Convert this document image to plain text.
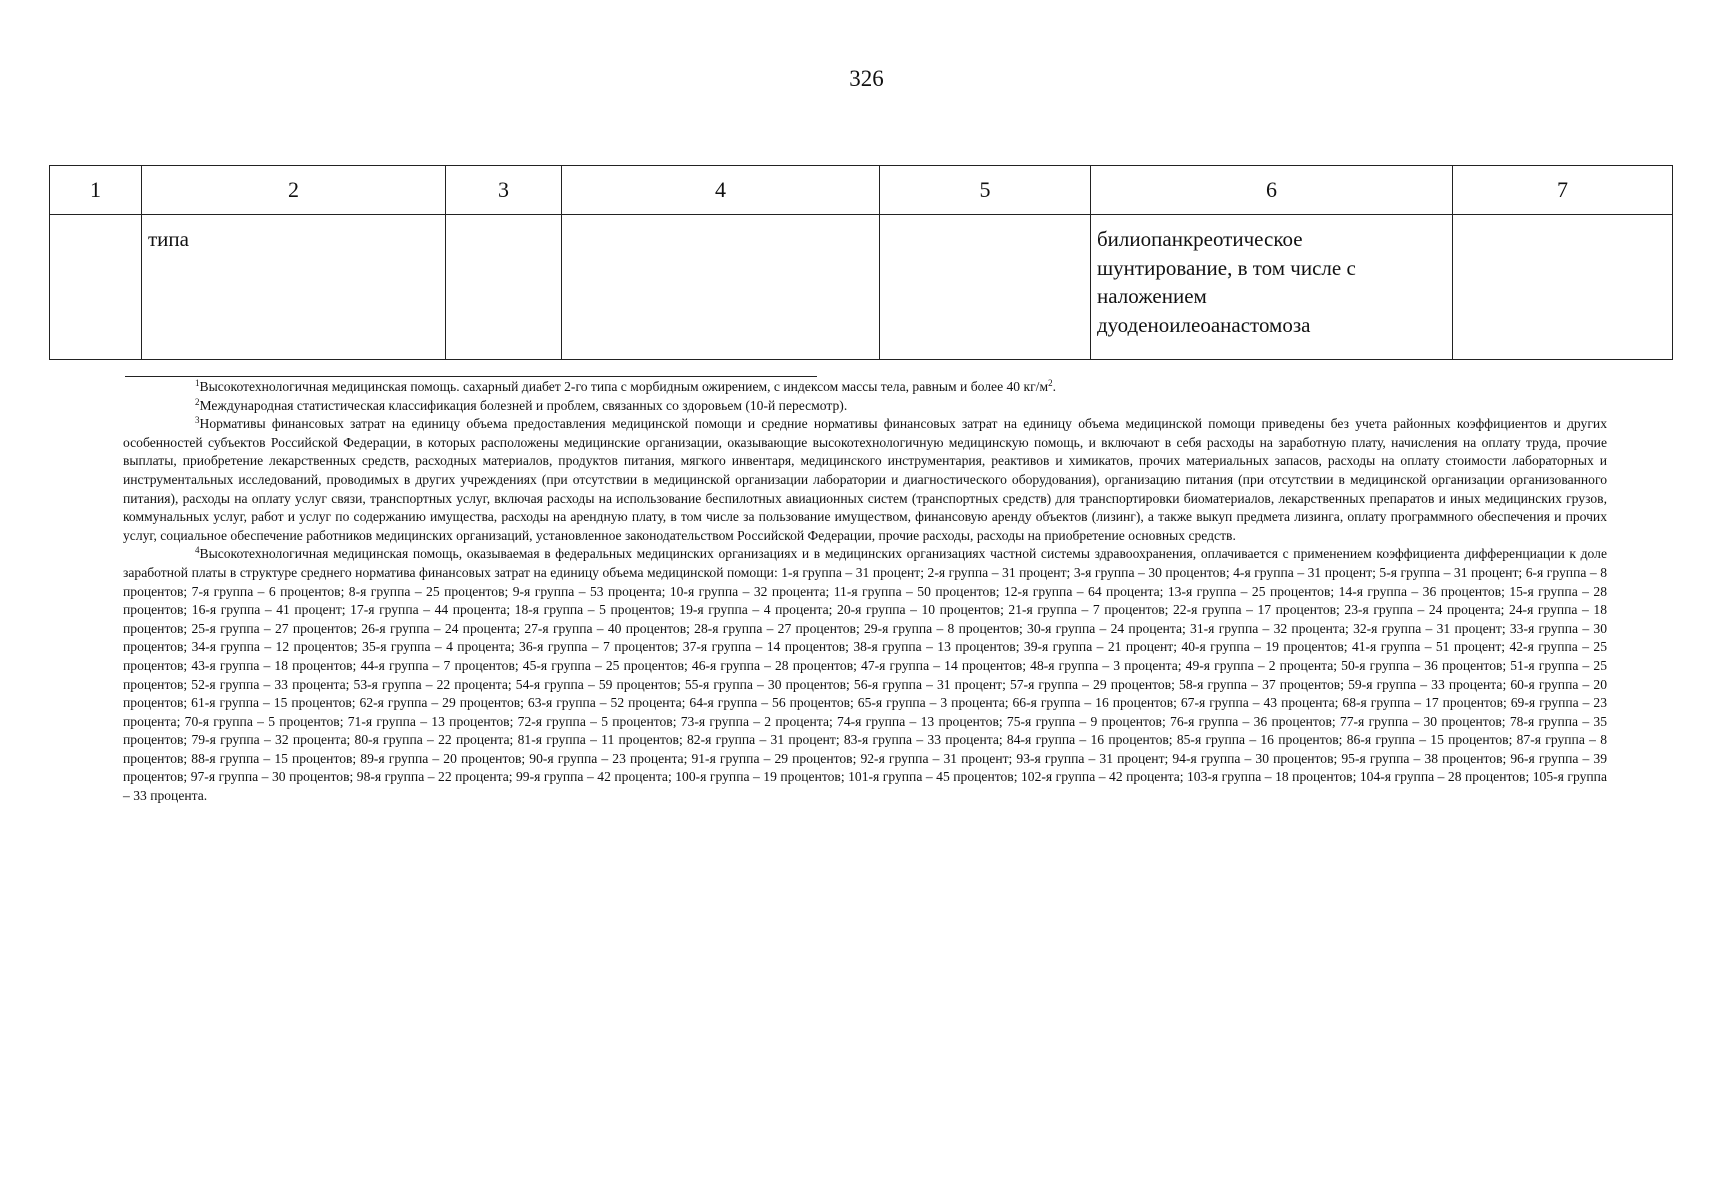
326
1	2	3	4	5	6	7
	типа				билиопанкреотическое
шунтирование, в том числе с
наложением
дуоденоилеоанастомоза	

$^1$Высокотехнологичная медицинская помощь. сахарный диабет 2-го типа с морбидным ожирением, с индексом массы тела, равным и более 40 $кг/м^2$.

$^2$Международная статистическая классификация болезней и проблем, связанных со здоровьем (10-й пересмотр).

$^3$Нормативы финансовых затрат на единицу объема предоставления медицинской помощи и средние нормативы финансовых затрат на единицу объема медицинской помощи приведены без учета районных коэффициентов и других особенностей субъектов Российской Федерации, в которых расположены медицинские организации, оказывающие высокотехнологичную медицинскую помощь, и включают в себя расходы на заработную плату, начисления на оплату труда, прочие выплаты, приобретение лекарственных средств, расходных материалов, продуктов питания, мягкого инвентаря, медицинского инструментария, реактивов и химикатов, прочих материальных запасов, расходы на оплату стоимости лабораторных и инструментальных исследований, проводимых в других учреждениях (при отсутствии в медицинской организации лаборатории и диагностического оборудования), организацию питания (при отсутствии в медицинской организации организованного питания), расходы на оплату услуг связи, транспортных услуг, включая расходы на использование беспилотных авиационных систем (транспортных средств) для транспортировки биоматериалов, лекарственных препаратов и иных медицинских грузов, коммунальных услуг, работ и услуг по содержанию имущества, расходы на арендную плату, в том числе за пользование имуществом, финансовую аренду объектов (лизинг), а также выкуп предмета лизинга, оплату программного обеспечения и прочих услуг, социальное обеспечение работников медицинских организаций, установленное законодательством Российской Федерации, прочие расходы, расходы на приобретение основных средств.

$^4$Высокотехнологичная медицинская помощь, оказываемая в федеральных медицинских организациях и в медицинских организациях частной системы здравоохранения, оплачивается с применением коэффициента дифференциации к доле заработной платы в структуре среднего норматива финансовых затрат на единицу объема медицинской помощи: 1-я группа – 31 процент; 2-я группа – 31 процент; 3-я группа – 30 процентов; 4-я группа – 31 процент; 5-я группа – 31 процент; 6-я группа – 8 процентов; 7-я группа – 6 процентов; 8-я группа – 25 процентов; 9-я группа – 53 процента; 10-я группа – 32 процента; 11-я группа – 50 процентов; 12-я группа – 64 процента; 13-я группа – 25 процентов; 14-я группа – 36 процентов; 15-я группа – 28 процентов; 16-я группа – 41 процент; 17-я группа – 44 процента; 18-я группа – 5 процентов; 19-я группа – 4 процента; 20-я группа – 10 процентов; 21-я группа – 7 процентов; 22-я группа – 17 процентов; 23-я группа – 24 процента; 24-я группа – 18 процентов; 25-я группа – 27 процентов; 26-я группа – 24 процента; 27-я группа – 40 процентов; 28-я группа – 27 процентов; 29-я группа – 8 процентов; 30-я группа – 24 процента; 31-я группа – 32 процента; 32-я группа – 31 процент; 33-я группа – 30 процентов; 34-я группа – 12 процентов; 35-я группа – 4 процента; 36-я группа – 7 процентов; 37-я группа – 14 процентов; 38-я группа – 13 процентов; 39-я группа – 21 процент; 40-я группа – 19 процентов; 41-я группа – 51 процент; 42-я группа – 25 процентов; 43-я группа – 18 процентов; 44-я группа – 7 процентов; 45-я группа – 25 процентов; 46-я группа – 28 процентов; 47-я группа – 14 процентов; 48-я группа – 3 процента; 49-я группа – 2 процента; 50-я группа – 36 процентов; 51-я группа – 25 процентов; 52-я группа – 33 процента; 53-я группа – 22 процента; 54-я группа – 59 процентов; 55-я группа – 30 процентов; 56-я группа – 31 процент; 57-я группа – 29 процентов; 58-я группа – 37 процентов; 59-я группа – 33 процента; 60-я группа – 20 процентов; 61-я группа – 15 процентов; 62-я группа – 29 процентов; 63-я группа – 52 процента; 64-я группа – 56 процентов; 65-я группа – 3 процента; 66-я группа – 16 процентов; 67-я группа – 43 процента; 68-я группа – 17 процентов; 69-я группа – 23 процента; 70-я группа – 5 процентов; 71-я группа – 13 процентов; 72-я группа – 5 процентов; 73-я группа – 2 процента; 74-я группа – 13 процентов; 75-я группа – 9 процентов; 76-я группа – 36 процентов; 77-я группа – 30 процентов; 78-я группа – 35 процентов; 79-я группа – 32 процента; 80-я группа – 22 процента; 81-я группа – 11 процентов; 82-я группа – 31 процент; 83-я группа – 33 процента; 84-я группа – 16 процентов; 85-я группа – 16 процентов; 86-я группа – 15 процентов; 87-я группа – 8 процентов; 88-я группа – 15 процентов; 89-я группа – 20 процентов; 90-я группа – 23 процента; 91-я группа – 29 процентов; 92-я группа – 31 процент; 93-я группа – 31 процент; 94-я группа – 30 процентов; 95-я группа – 38 процентов; 96-я группа – 39 процентов; 97-я группа – 30 процентов; 98-я группа – 22 процента; 99-я группа – 42 процента; 100-я группа – 19 процентов; 101-я группа – 45 процентов; 102-я группа – 42 процента; 103-я группа – 18 процентов; 104-я группа – 28 процентов; 105-я группа – 33 процента.
